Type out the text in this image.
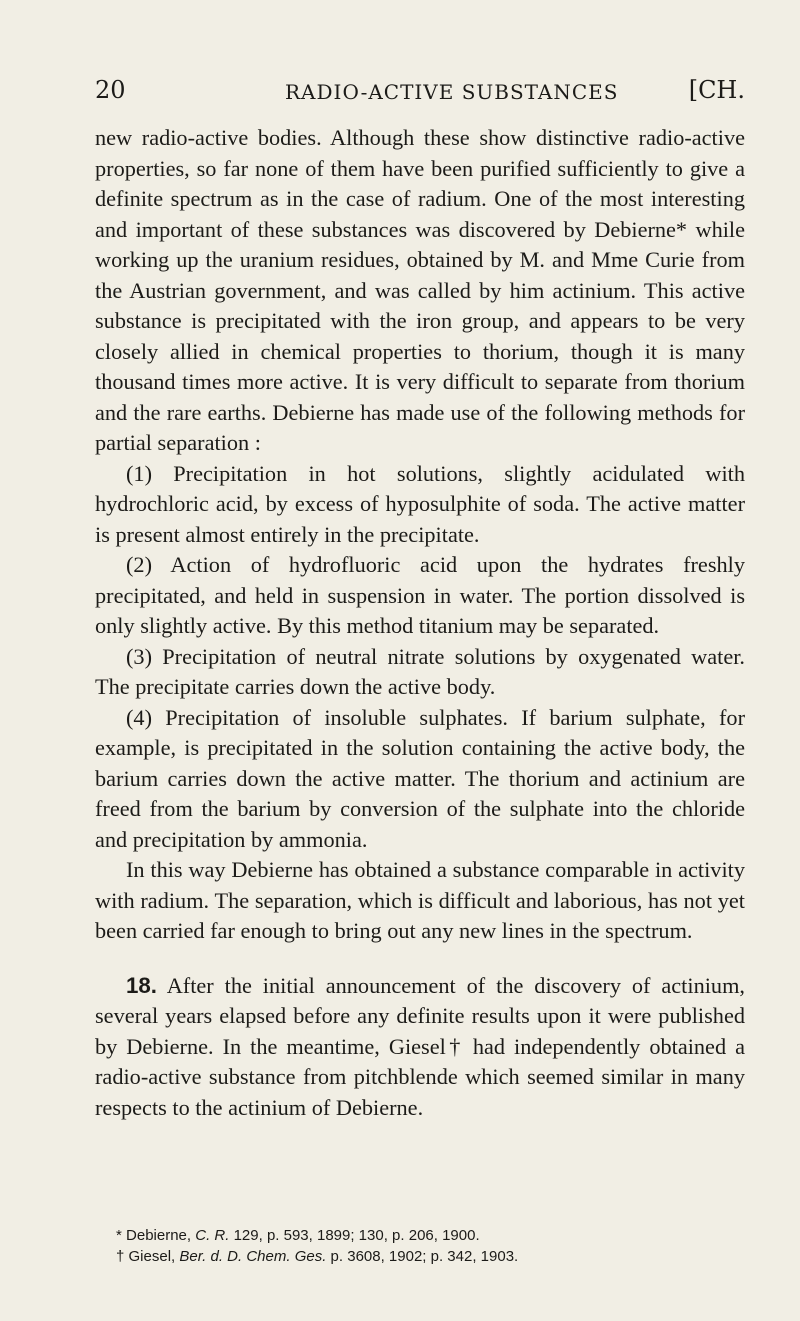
20	RADIO-ACTIVE SUBSTANCES	[CH.

new radio-active bodies. Although these show distinctive radio-active properties, so far none of them have been purified sufficiently to give a definite spectrum as in the case of radium. One of the most interesting and important of these substances was discovered by Debierne* while working up the uranium residues, obtained by M. and Mme Curie from the Austrian government, and was called by him actinium. This active substance is precipitated with the iron group, and appears to be very closely allied in chemical properties to thorium, though it is many thousand times more active. It is very difficult to separate from thorium and the rare earths. Debierne has made use of the following methods for partial separation :

(1) Precipitation in hot solutions, slightly acidulated with hydrochloric acid, by excess of hyposulphite of soda. The active matter is present almost entirely in the precipitate.

(2) Action of hydrofluoric acid upon the hydrates freshly precipitated, and held in suspension in water. The portion dissolved is only slightly active. By this method titanium may be separated.

(3) Precipitation of neutral nitrate solutions by oxygenated water. The precipitate carries down the active body.

(4) Precipitation of insoluble sulphates. If barium sulphate, for example, is precipitated in the solution containing the active body, the barium carries down the active matter. The thorium and actinium are freed from the barium by conversion of the sulphate into the chloride and precipitation by ammonia.

In this way Debierne has obtained a substance comparable in activity with radium. The separation, which is difficult and laborious, has not yet been carried far enough to bring out any new lines in the spectrum.

18. After the initial announcement of the discovery of actinium, several years elapsed before any definite results upon it were published by Debierne. In the meantime, Giesel† had independently obtained a radio-active substance from pitchblende which seemed similar in many respects to the actinium of Debierne.

* Debierne, C. R. 129, p. 593, 1899; 130, p. 206, 1900.

† Giesel, Ber. d. D. Chem. Ges. p. 3608, 1902; p. 342, 1903.
